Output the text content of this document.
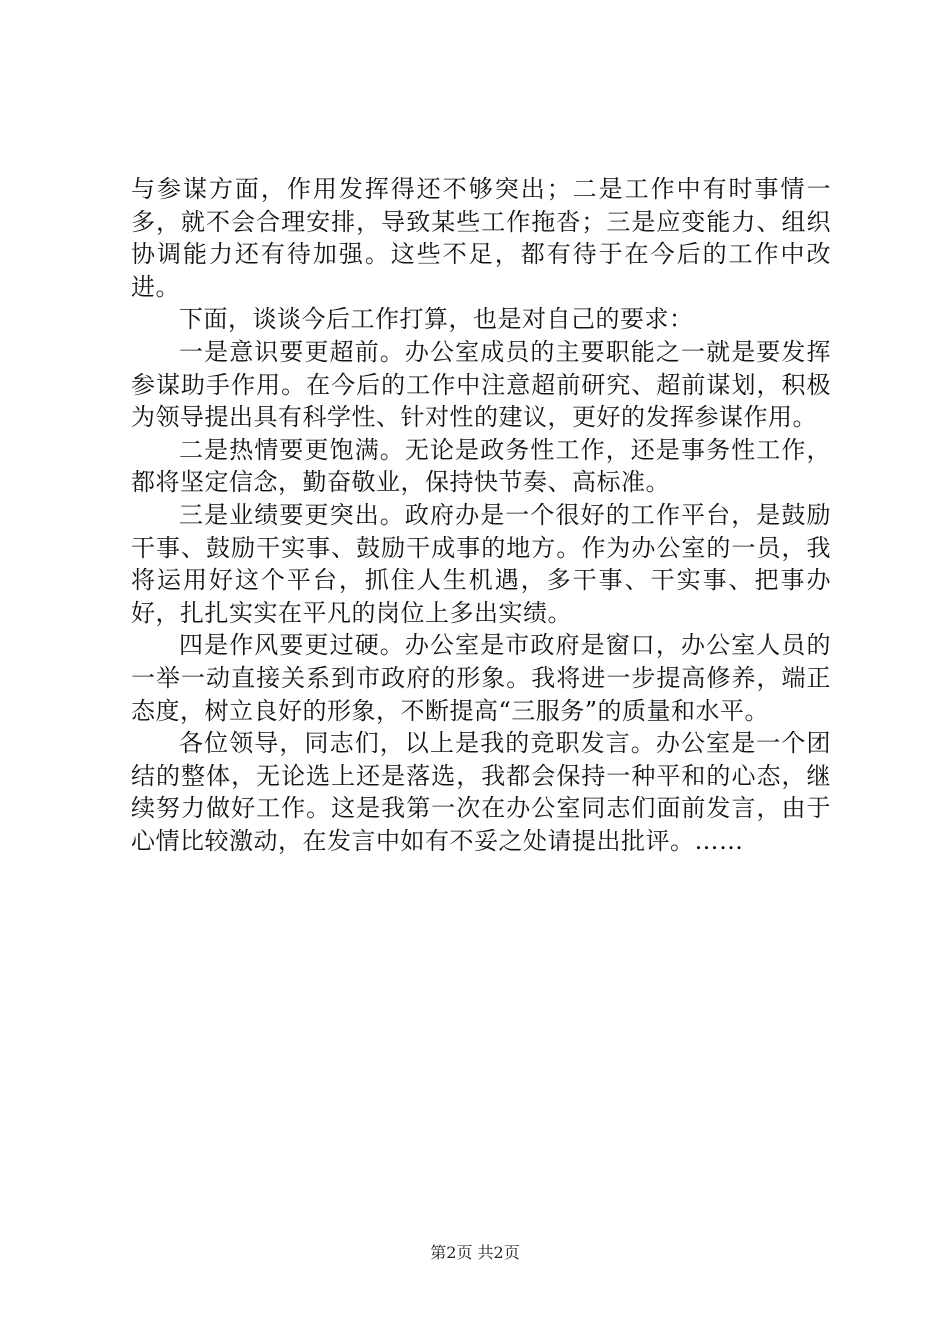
与参谋方面，作用发挥得还不够突出；二是工作中有时事情一多，就不会合理安排，导致某些工作拖沓；三是应变能力、组织协调能力还有待加强。这些不足，都有待于在今后的工作中改进。

下面，谈谈今后工作打算，也是对自己的要求：

一是意识要更超前。办公室成员的主要职能之一就是要发挥参谋助手作用。在今后的工作中注意超前研究、超前谋划，积极为领导提出具有科学性、针对性的建议，更好的发挥参谋作用。

二是热情要更饱满。无论是政务性工作，还是事务性工作，都将坚定信念，勤奋敬业，保持快节奏、高标准。

三是业绩要更突出。政府办是一个很好的工作平台，是鼓励干事、鼓励干实事、鼓励干成事的地方。作为办公室的一员，我将运用好这个平台，抓住人生机遇，多干事、干实事、把事办好，扎扎实实在平凡的岗位上多出实绩。

四是作风要更过硬。办公室是市政府是窗口，办公室人员的一举一动直接关系到市政府的形象。我将进一步提高修养，端正态度，树立良好的形象，不断提高“三服务”的质量和水平。

各位领导，同志们，以上是我的竞职发言。办公室是一个团结的整体，无论选上还是落选，我都会保持一种平和的心态，继续努力做好工作。这是我第一次在办公室同志们面前发言，由于心情比较激动，在发言中如有不妥之处请提出批评。……

第2页 共2页
